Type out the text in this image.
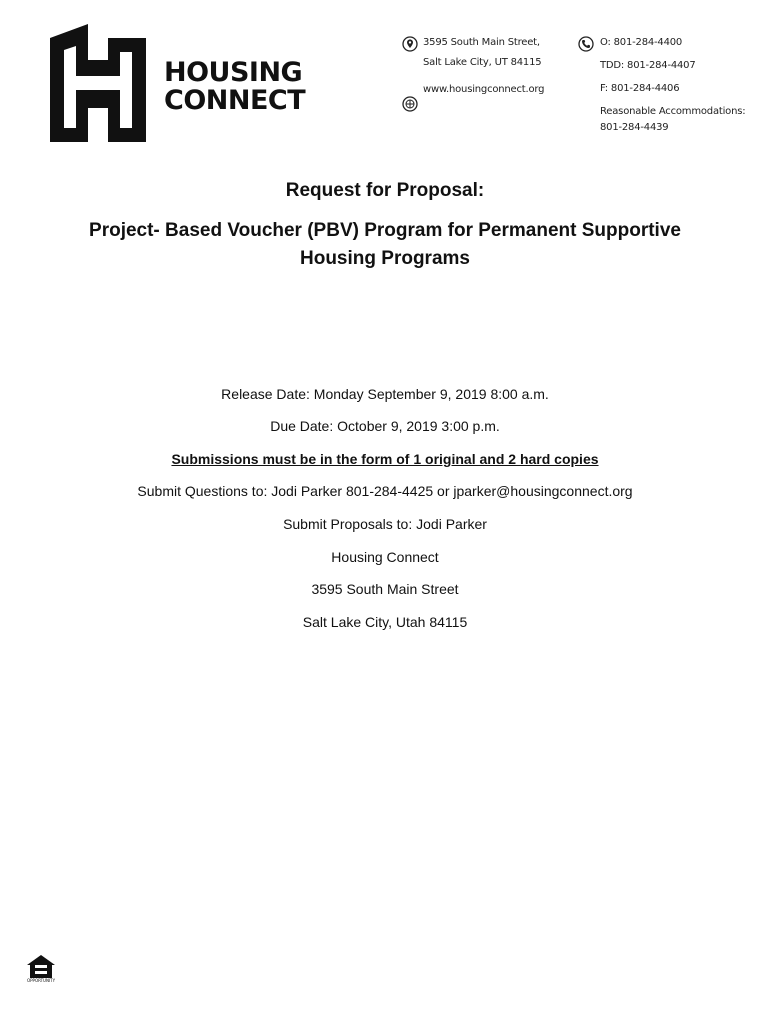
HOUSING
CONNECT
3595 South Main Street,
Salt Lake City, UT 84115
www.housingconnect.org
O: 801-284-4400
TDD: 801-284-4407
F: 801-284-4406
Reasonable Accommodations:
801-284-4439
Request for Proposal:
Project- Based Voucher (PBV) Program for Permanent Supportive
Housing Programs
Release Date: Monday September 9, 2019 8:00 a.m.
Due Date: October 9, 2019 3:00 p.m.
Submissions must be in the form of 1 original and 2 hard copies
Submit Questions to: Jodi Parker 801-284-4425 or jparker@housingconnect.org
Submit Proposals to: Jodi Parker
Housing Connect
3595 South Main Street
Salt Lake City, Utah 84115
OPPORTUNITY
